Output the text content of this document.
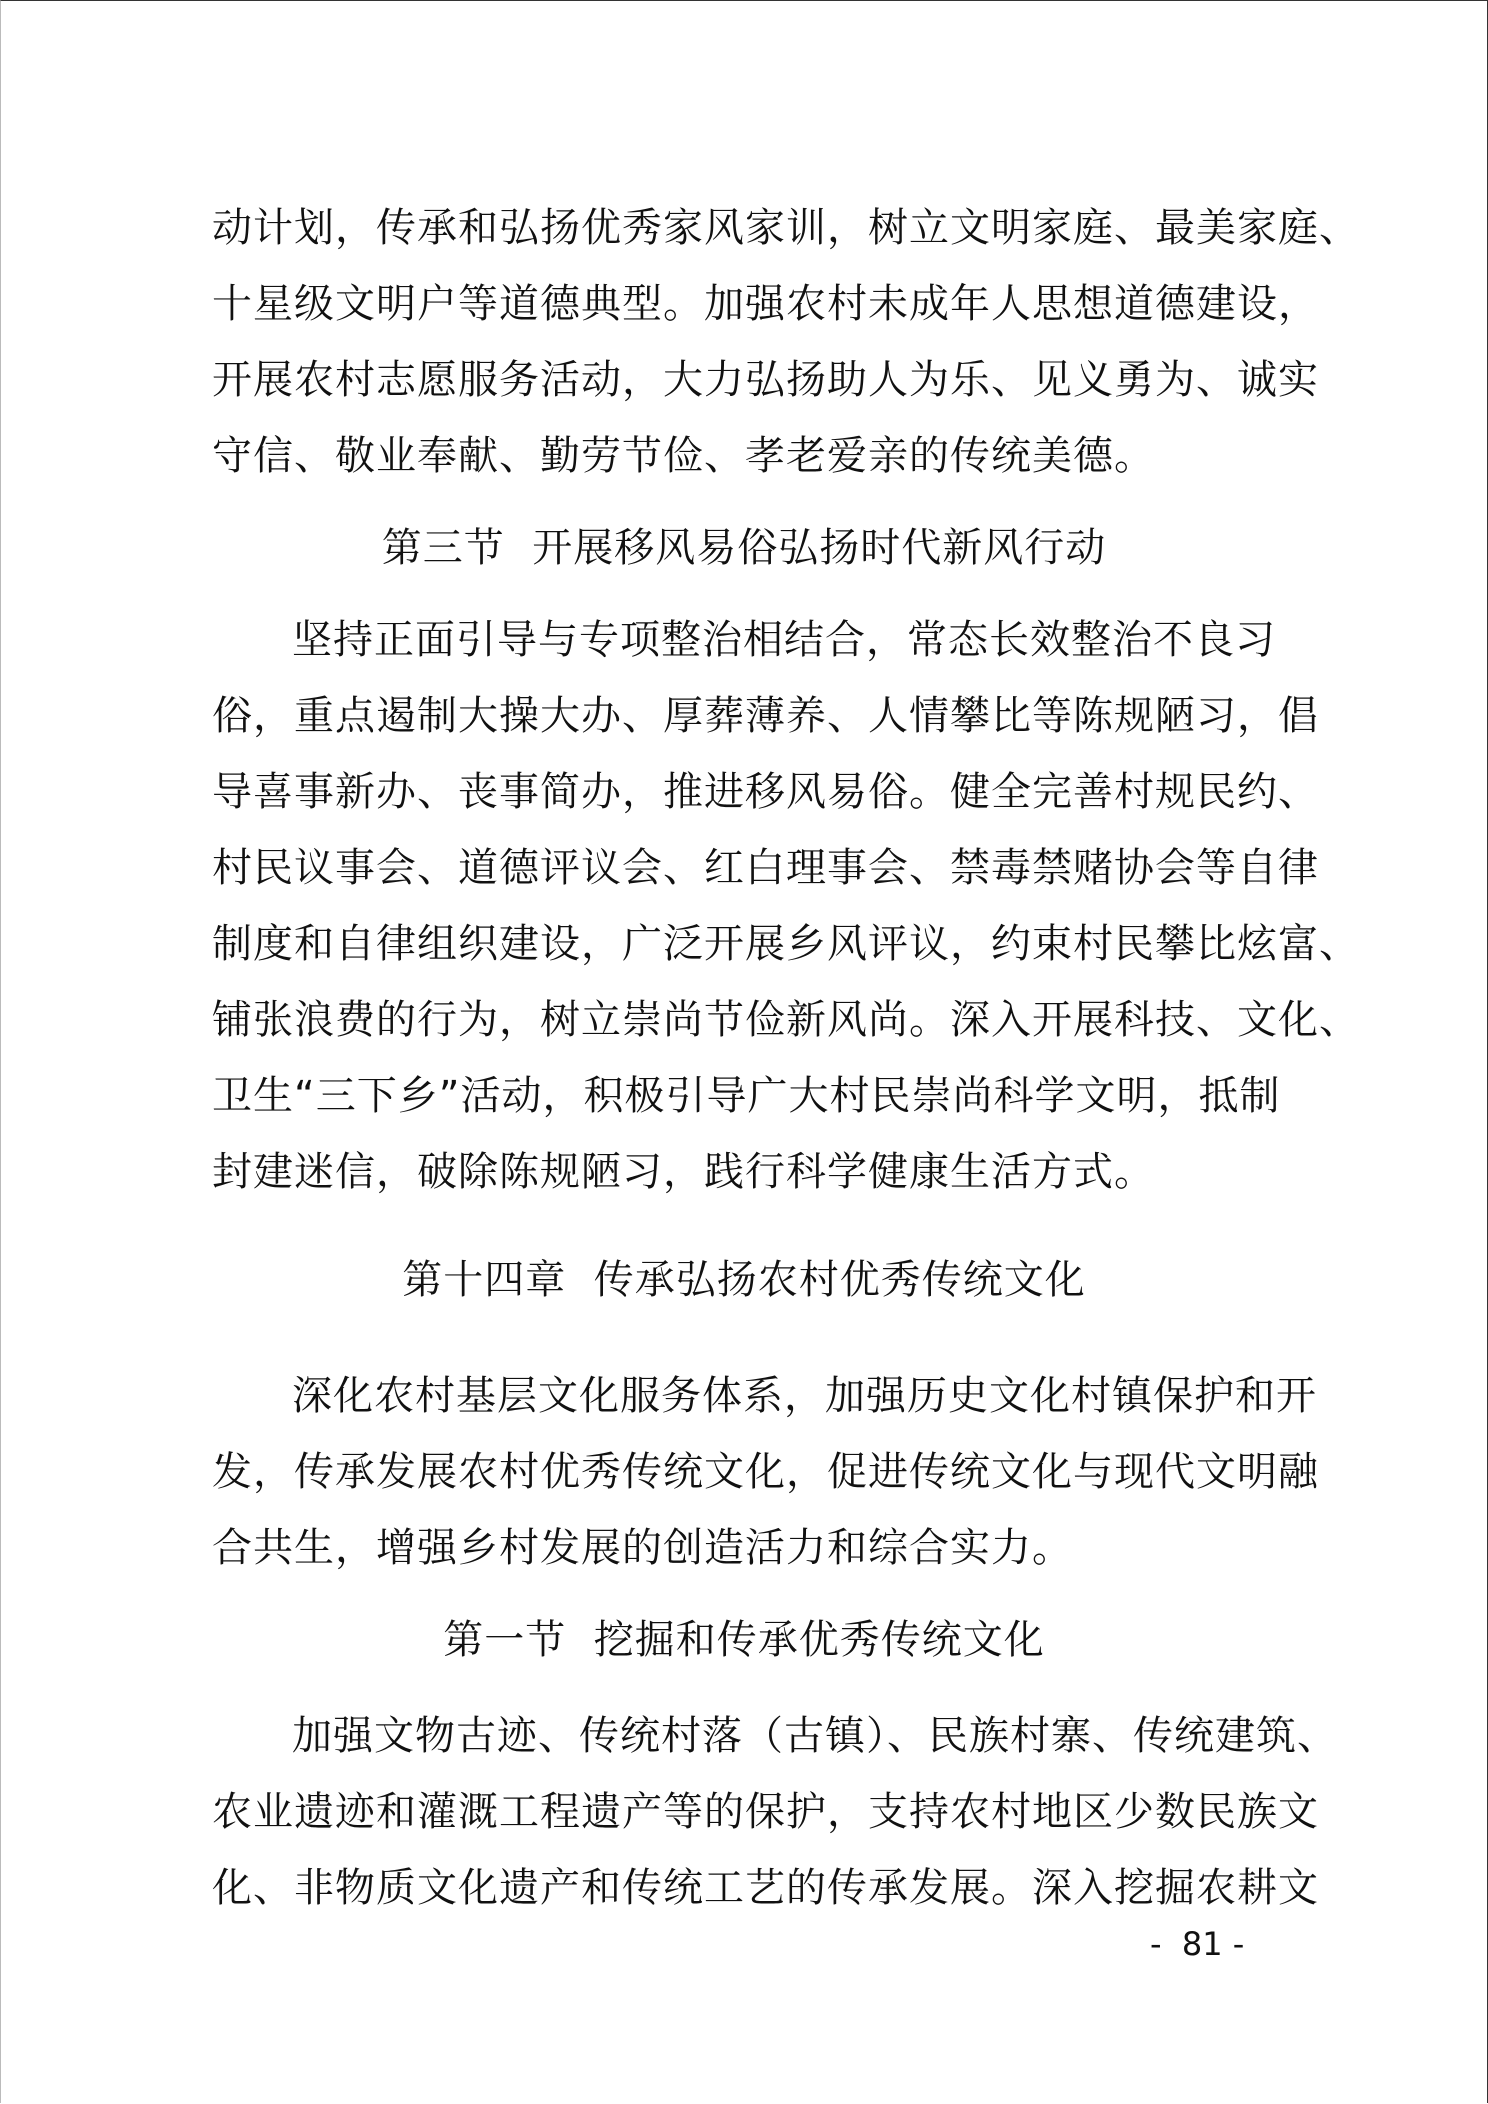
动计划，传承和弘扬优秀家风家训，树立文明家庭、最美家庭、
十星级文明户等道德典型。加强农村未成年人思想道德建设，
开展农村志愿服务活动，大力弘扬助人为乐、见义勇为、诚实
守信、敬业奉献、勤劳节俭、孝老爱亲的传统美德。
第三节  开展移风易俗弘扬时代新风行动
坚持正面引导与专项整治相结合，常态长效整治不良习
俗，重点遏制大操大办、厚葬薄养、人情攀比等陈规陋习，倡
导喜事新办、丧事简办，推进移风易俗。健全完善村规民约、
村民议事会、道德评议会、红白理事会、禁毒禁赌协会等自律
制度和自律组织建设，广泛开展乡风评议，约束村民攀比炫富、
铺张浪费的行为，树立崇尚节俭新风尚。深入开展科技、文化、
卫生“三下乡”活动，积极引导广大村民崇尚科学文明，抵制
封建迷信，破除陈规陋习，践行科学健康生活方式。
第十四章  传承弘扬农村优秀传统文化
深化农村基层文化服务体系，加强历史文化村镇保护和开
发，传承发展农村优秀传统文化，促进传统文化与现代文明融
合共生，增强乡村发展的创造活力和综合实力。
第一节  挖掘和传承优秀传统文化
加强文物古迹、传统村落（古镇）、民族村寨、传统建筑、
农业遗迹和灌溉工程遗产等的保护，支持农村地区少数民族文
化、非物质文化遗产和传统工艺的传承发展。深入挖掘农耕文
-  81 -
